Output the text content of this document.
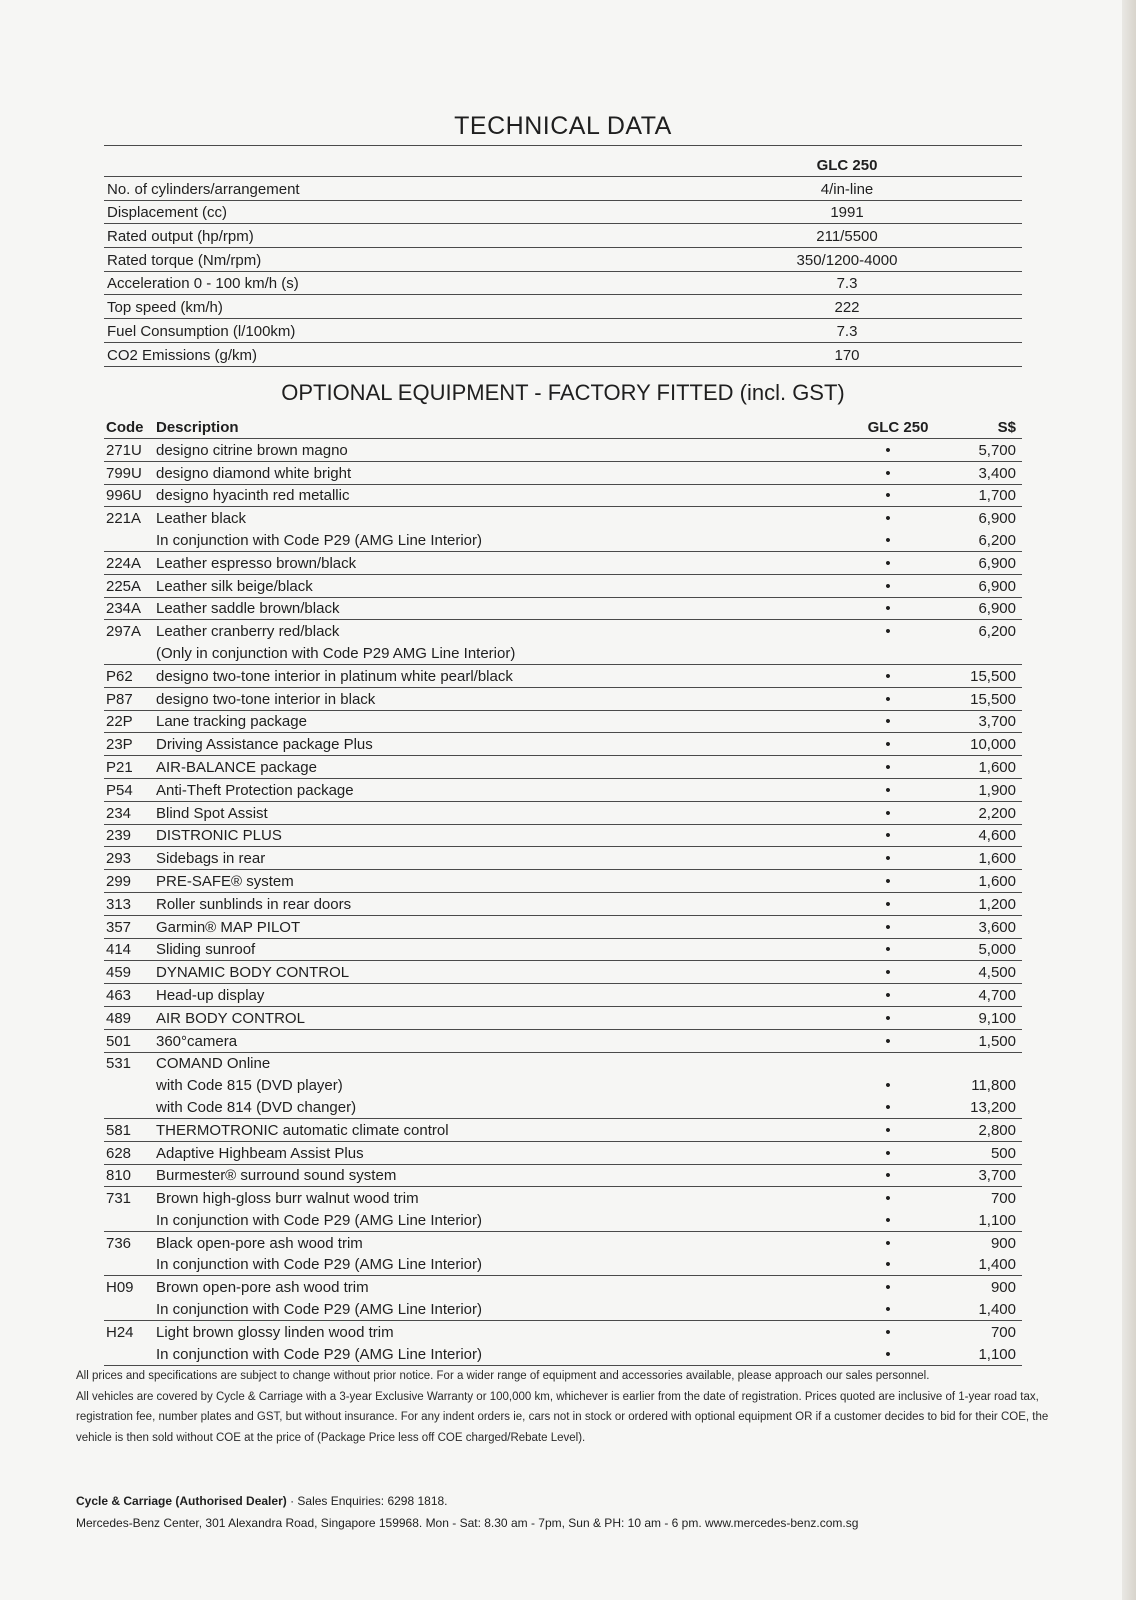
TECHNICAL DATA
GLC 250
No. of cylinders/arrangement	4/in-line
Displacement (cc)	1991
Rated output (hp/rpm)	211/5500
Rated torque (Nm/rpm)	350/1200-4000
Acceleration 0 - 100 km/h (s)	7.3
Top speed (km/h)	222
Fuel Consumption (l/100km)	7.3
CO2 Emissions (g/km)	170
OPTIONAL EQUIPMENT - FACTORY FITTED (incl. GST)
Code Description	GLC 250	S$
271U designo citrine brown magno	•	5,700
799U designo diamond white bright	•	3,400
996U designo hyacinth red metallic	•	1,700
221A Leather black	•	6,900
In conjunction with Code P29 (AMG Line Interior)	•	6,200
224A Leather espresso brown/black	•	6,900
225A Leather silk beige/black	•	6,900
234A Leather saddle brown/black	•	6,900
297A Leather cranberry red/black	•	6,200
(Only in conjunction with Code P29 AMG Line Interior)
P62	designo two-tone interior in platinum white pearl/black	•	15,500
P87	designo two-tone interior in black	•	15,500
22P	Lane tracking package	•	3,700
23P	Driving Assistance package Plus	•	10,000
P21	AIR-BALANCE package	•	1,600
P54	Anti-Theft Protection package	•	1,900
234	Blind Spot Assist	•	2,200
239	DISTRONIC PLUS	•	4,600
293	Sidebags in rear	•	1,600
299	PRE-SAFE® system	•	1,600
313	Roller sunblinds in rear doors	•	1,200
357	Garmin® MAP PILOT	•	3,600
414	Sliding sunroof	•	5,000
459	DYNAMIC BODY CONTROL	•	4,500
463	Head-up display	•	4,700
489	AIR BODY CONTROL	•	9,100
501	360°camera	•	1,500
531	COMAND Online
with Code 815 (DVD player)	•	11,800
with Code 814 (DVD changer)	•	13,200
581	THERMOTRONIC automatic climate control	•	2,800
628	Adaptive Highbeam Assist Plus	•	500
810	Burmester® surround sound system	•	3,700
731	Brown high-gloss burr walnut wood trim	•	700
In conjunction with Code P29 (AMG Line Interior)	•	1,100
736	Black open-pore ash wood trim	•	900
In conjunction with Code P29 (AMG Line Interior)	•	1,400
H09	Brown open-pore ash wood trim	•	900
In conjunction with Code P29 (AMG Line Interior)	•	1,400
H24	Light brown glossy linden wood trim	•	700
In conjunction with Code P29 (AMG Line Interior)	•	1,100

All prices and specifications are subject to change without prior notice. For a wider range of equipment and accessories available, please approach our sales personnel.

All vehicles are covered by Cycle & Carriage with a 3-year Exclusive Warranty or 100,000 km, whichever is earlier from the date of registration. Prices quoted are inclusive of 1-year road tax, registration fee, number plates and GST, but without insurance. For any indent orders ie, cars not in stock or ordered with optional equipment OR if a customer decides to bid for their COE, the vehicle is then sold without COE at the price of (Package Price less off COE charged/Rebate Level).

Cycle & Carriage (Authorised Dealer) · Sales Enquiries: 6298 1818.
Mercedes-Benz Center, 301 Alexandra Road, Singapore 159968. Mon - Sat: 8.30 am - 7pm, Sun & PH: 10 am - 6 pm. www.mercedes-benz.com.sg
